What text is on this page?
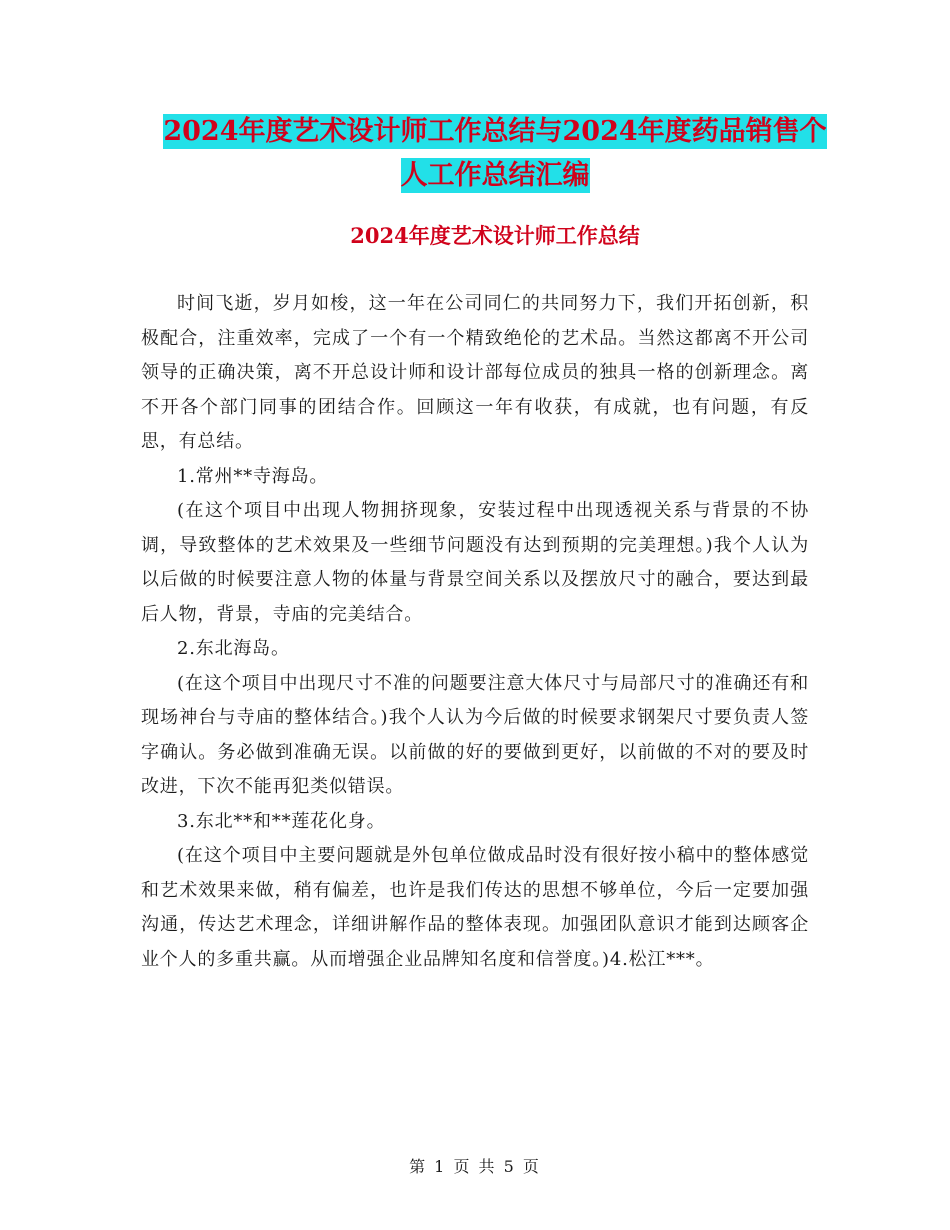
2024年度艺术设计师工作总结与2024年度药品销售个
人工作总结汇编
2024年度艺术设计师工作总结

时间飞逝，岁月如梭，这一年在公司同仁的共同努力下，我们开拓创新，积极配合，注重效率，完成了一个有一个精致绝伦的艺术品。当然这都离不开公司领导的正确决策，离不开总设计师和设计部每位成员的独具一格的创新理念。离不开各个部门同事的团结合作。回顾这一年有收获，有成就，也有问题，有反思，有总结。

1.常州**寺海岛。

(在这个项目中出现人物拥挤现象，安装过程中出现透视关系与背景的不协调，导致整体的艺术效果及一些细节问题没有达到预期的完美理想。)我个人认为以后做的时候要注意人物的体量与背景空间关系以及摆放尺寸的融合，要达到最后人物，背景，寺庙的完美结合。

2.东北海岛。

(在这个项目中出现尺寸不准的问题要注意大体尺寸与局部尺寸的准确还有和现场神台与寺庙的整体结合。)我个人认为今后做的时候要求钢架尺寸要负责人签字确认。务必做到准确无误。以前做的好的要做到更好，以前做的不对的要及时改进，下次不能再犯类似错误。

3.东北**和**莲花化身。

(在这个项目中主要问题就是外包单位做成品时没有很好按小稿中的整体感觉和艺术效果来做，稍有偏差，也许是我们传达的思想不够单位，今后一定要加强沟通，传达艺术理念，详细讲解作品的整体表现。加强团队意识才能到达顾客企业个人的多重共赢。从而增强企业品牌知名度和信誉度。)4.松江***。

第 1 页 共 5 页
